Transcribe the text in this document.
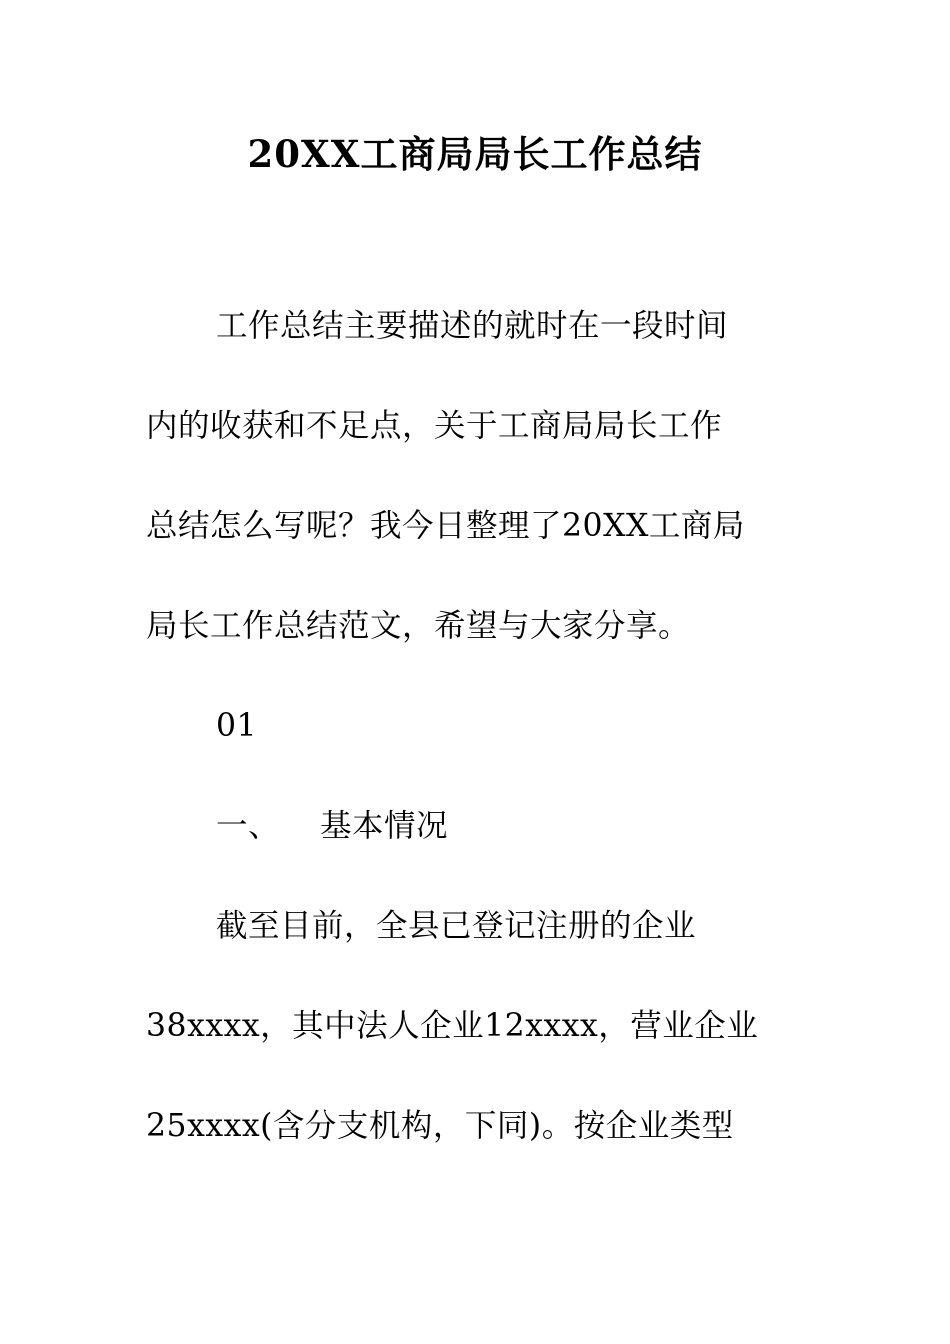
20XX工商局局长工作总结
工作总结主要描述的就时在一段时间
内的收获和不足点，关于工商局局长工作
总结怎么写呢？我今日整理了20XX工商局
局长工作总结范文，希望与大家分享。
01
一、 基本情况
截至目前，全县已登记注册的企业
38xxxx，其中法人企业12xxxx，营业企业
25xxxx(含分支机构，下同)。按企业类型
